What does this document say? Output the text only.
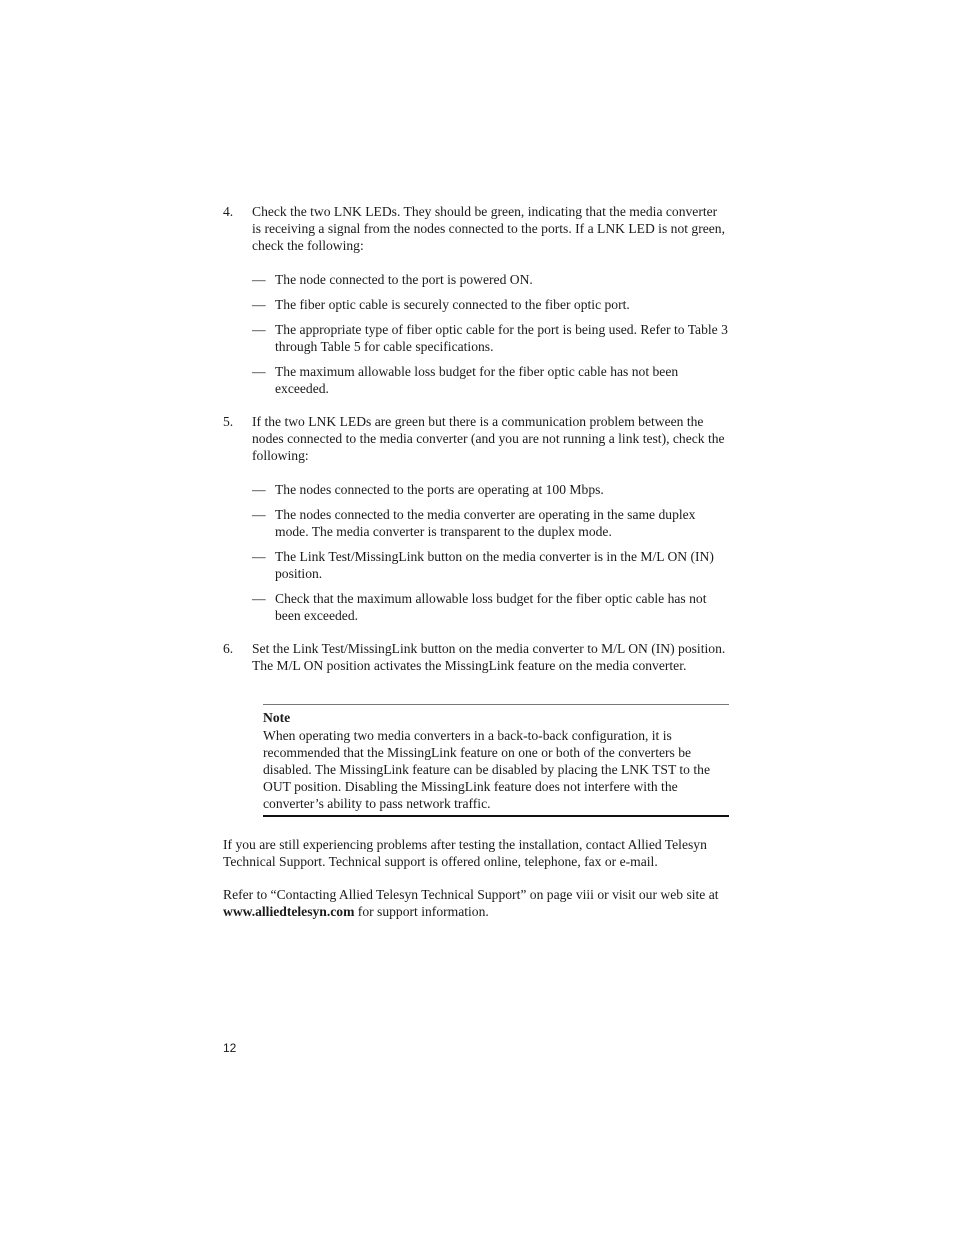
4. Check the two LNK LEDs. They should be green, indicating that the media converter is receiving a signal from the nodes connected to the ports. If a LNK LED is not green, check the following:

— The node connected to the port is powered ON.
— The fiber optic cable is securely connected to the fiber optic port.
— The appropriate type of fiber optic cable for the port is being used. Refer to Table 3 through Table 5 for cable specifications.
— The maximum allowable loss budget for the fiber optic cable has not been exceeded.
5. If the two LNK LEDs are green but there is a communication problem between the nodes connected to the media converter (and you are not running a link test), check the following:

— The nodes connected to the ports are operating at 100 Mbps.
— The nodes connected to the media converter are operating in the same duplex mode. The media converter is transparent to the duplex mode.
— The Link Test/MissingLink button on the media converter is in the M/L ON (IN) position.
— Check that the maximum allowable loss budget for the fiber optic cable has not been exceeded.
6. Set the Link Test/MissingLink button on the media converter to M/L ON (IN) position. The M/L ON position activates the MissingLink feature on the media converter.

Note

When operating two media converters in a back-to-back configuration, it is recommended that the MissingLink feature on one or both of the converters be disabled. The MissingLink feature can be disabled by placing the LNK TST to the OUT position. Disabling the MissingLink feature does not interfere with the converter’s ability to pass network traffic.

If you are still experiencing problems after testing the installation, contact Allied Telesyn Technical Support. Technical support is offered online, telephone, fax or e-mail.

Refer to “Contacting Allied Telesyn Technical Support” on page viii or visit our web site at www.alliedtelesyn.com for support information.

12
